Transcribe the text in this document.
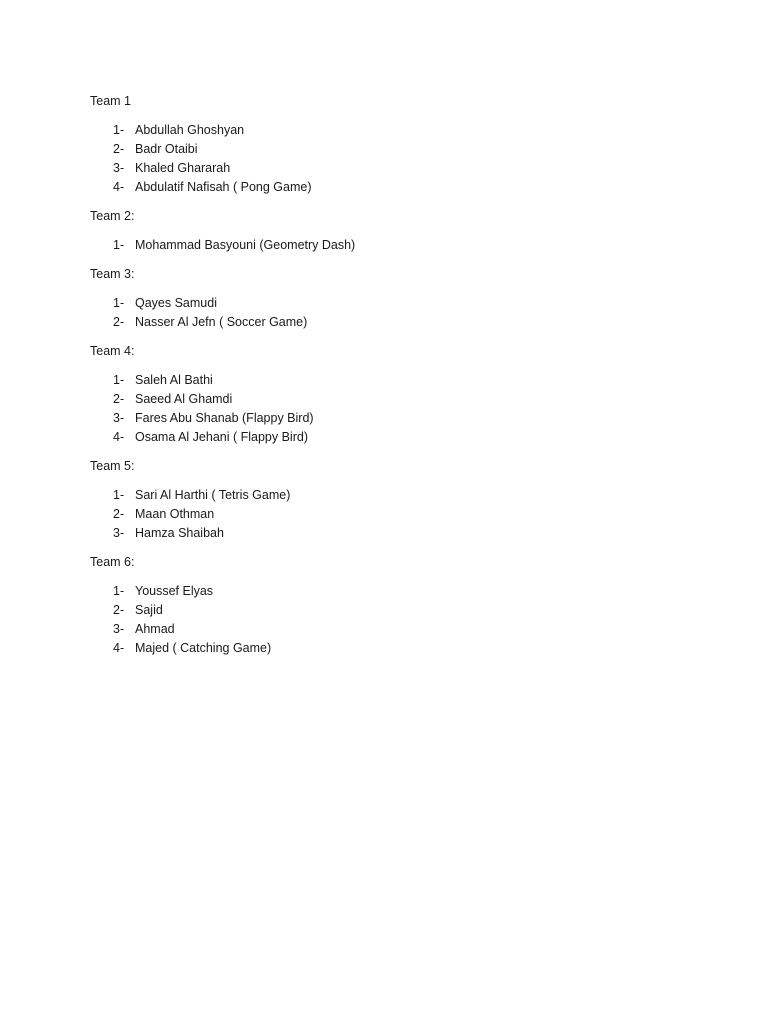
Team 1

1- Abdullah Ghoshyan
2- Badr Otaibi
3- Khaled Ghararah
4- Abdulatif Nafisah ( Pong Game)

Team 2:

1- Mohammad Basyouni (Geometry Dash)

Team 3:

1- Qayes Samudi
2- Nasser Al Jefn ( Soccer Game)

Team 4:

1- Saleh Al Bathi
2- Saeed Al Ghamdi
3- Fares Abu Shanab (Flappy Bird)
4- Osama Al Jehani ( Flappy Bird)

Team 5:

1- Sari Al Harthi ( Tetris Game)
2- Maan Othman
3- Hamza Shaibah

Team 6:

1- Youssef Elyas
2- Sajid
3- Ahmad
4- Majed ( Catching Game)
